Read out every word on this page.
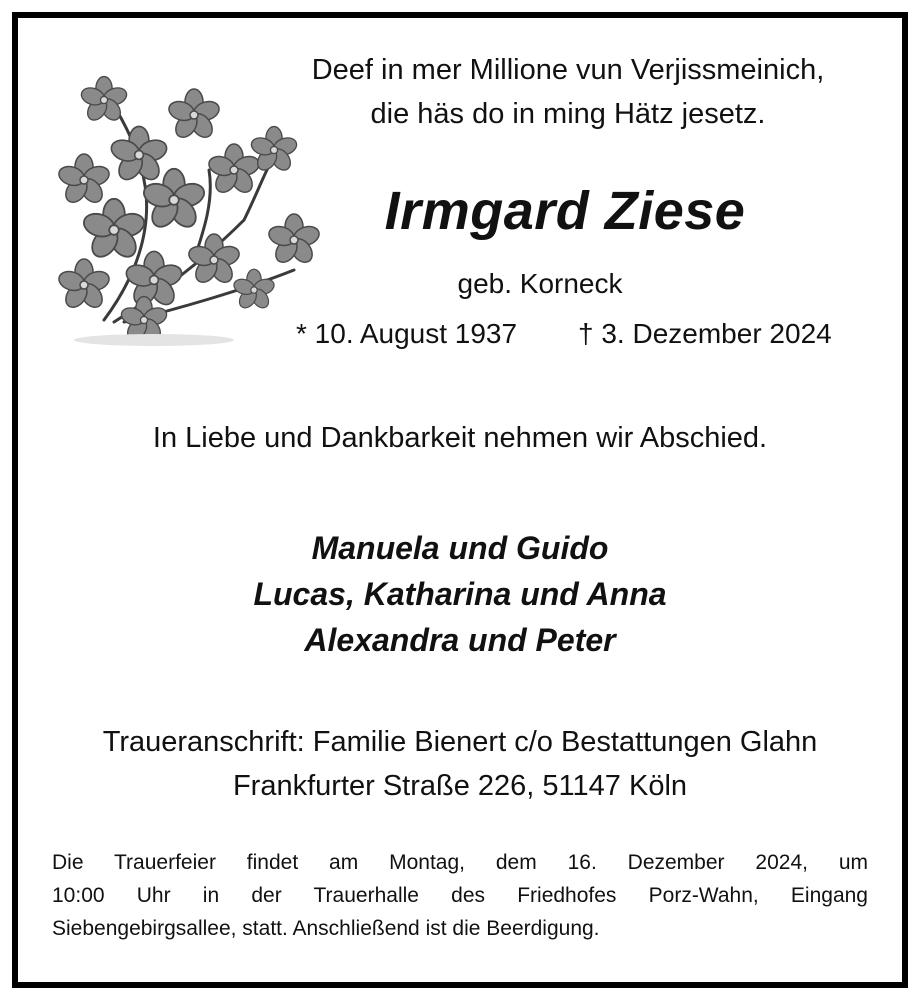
Deef in mer Millione vun Verjissmeinich,
die häs do in ming Hätz jesetz.
Irmgard Ziese
geb. Korneck
* 10. August 1937 † 3. Dezember 2024
In Liebe und Dankbarkeit nehmen wir Abschied.
Manuela und Guido
Lucas, Katharina und Anna
Alexandra und Peter
Traueranschrift: Familie Bienert c/o Bestattungen Glahn
Frankfurter Straße 226, 51147 Köln
Die Trauerfeier findet am Montag, dem 16. Dezember 2024, um
10:00 Uhr in der Trauerhalle des Friedhofes Porz-Wahn, Eingang
Siebengebirgsallee, statt. Anschließend ist die Beerdigung.
